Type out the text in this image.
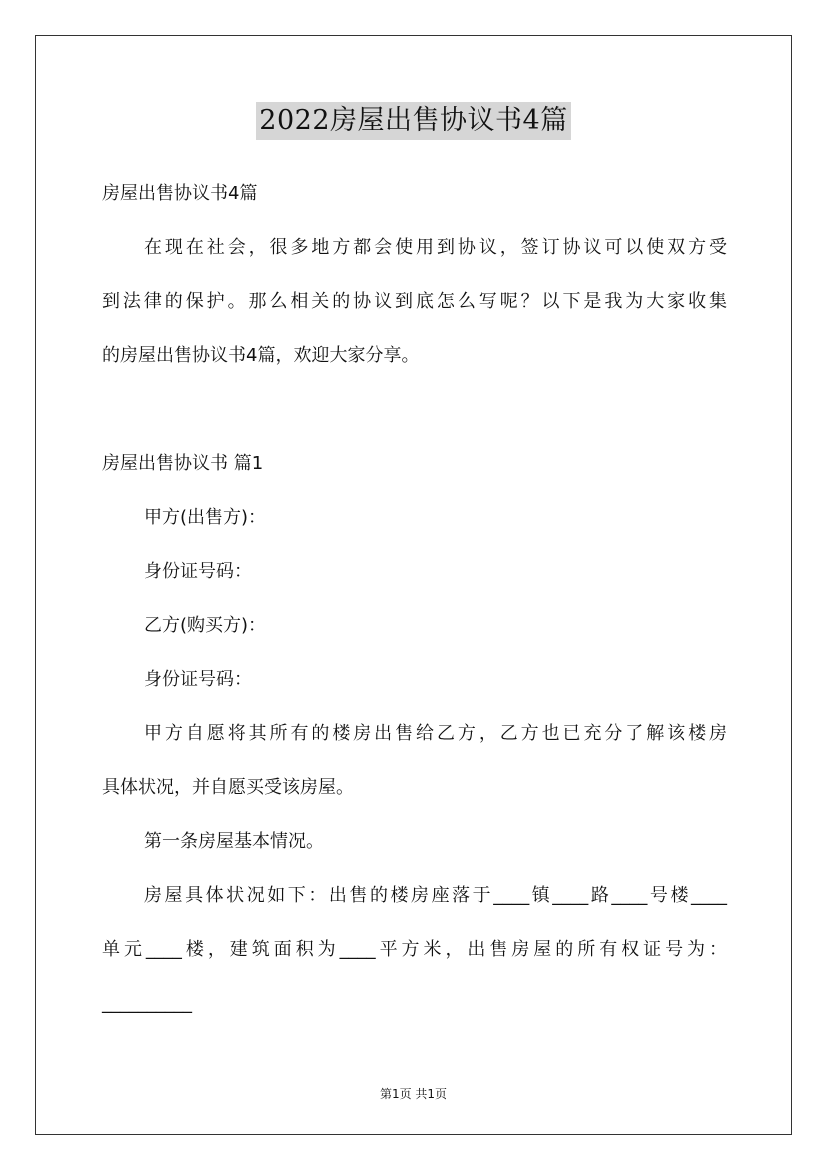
2022房屋出售协议书4篇
房屋出售协议书4篇
在现在社会，很多地方都会使用到协议，签订协议可以使双方受
到法律的保护。那么相关的协议到底怎么写呢？以下是我为大家收集
的房屋出售协议书4篇，欢迎大家分享。
房屋出售协议书 篇1
甲方(出售方)：
身份证号码：
乙方(购买方)：
身份证号码：
甲方自愿将其所有的楼房出售给乙方，乙方也已充分了解该楼房
具体状况，并自愿买受该房屋。
第一条房屋基本情况。
房屋具体状况如下：出售的楼房座落于____镇____路____号楼____
单元____楼，建筑面积为____平方米，出售房屋的所有权证号为：
__________
第1页 共1页
